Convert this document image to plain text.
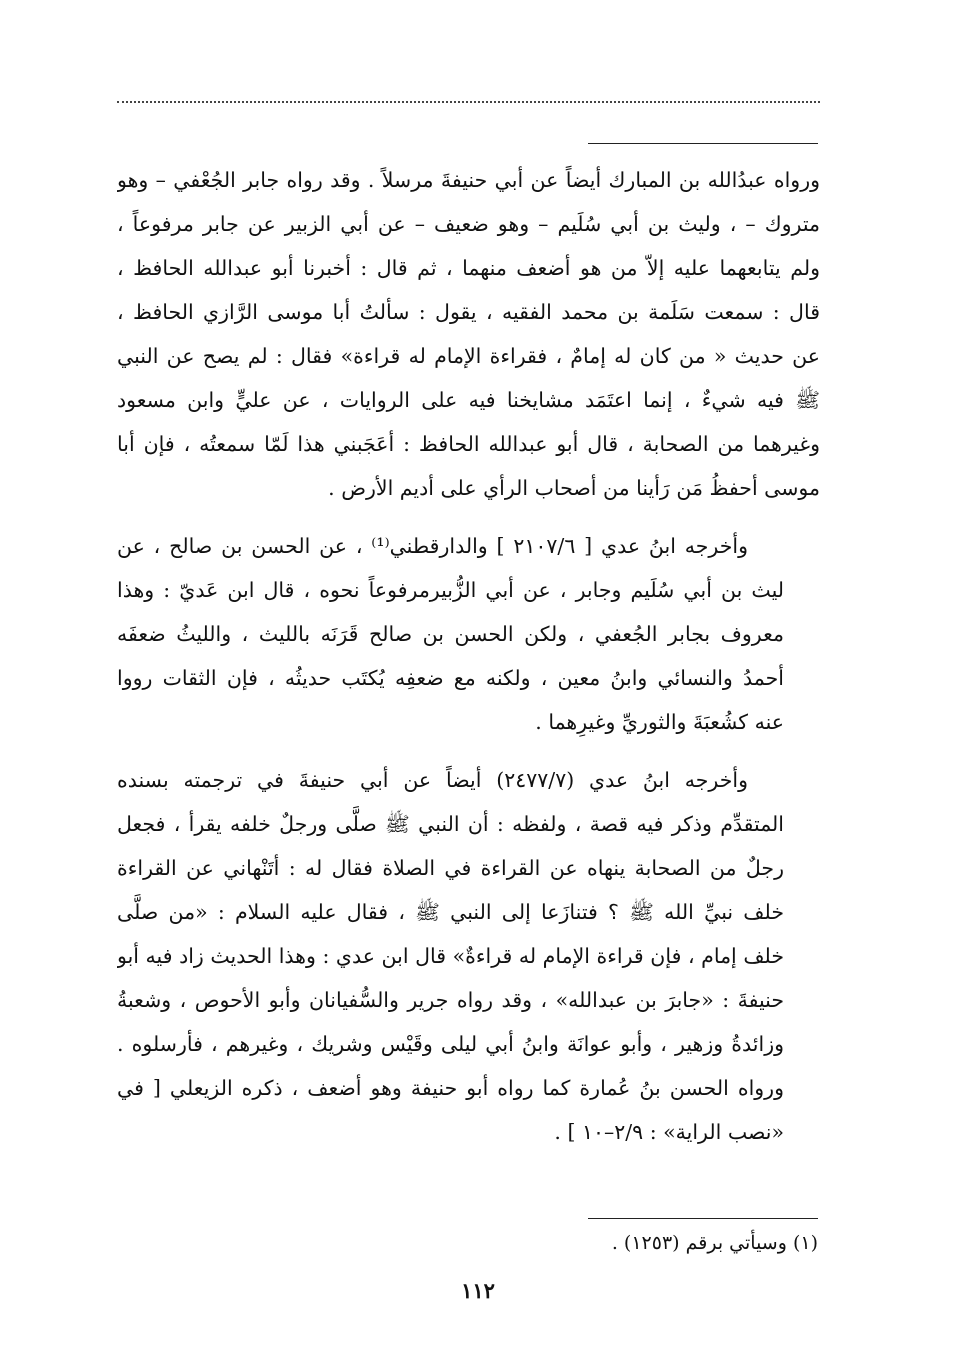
ورواه عبدُالله بن المبارك أيضاً عن أبي حنيفةَ مرسلاً . وقد رواه جابر الجُعْفي – وهو
متروك – ، وليث بن أبي سُلَيم – وهو ضعيف – عن أبي الزبير عن جابر مرفوعاً ،
ولم يتابعهما عليه إلاّ من هو أضعف منهما ، ثم قال : أخبرنا أبو عبدالله الحافظ ،
قال : سمعت سَلَمة بن محمد الفقيه ، يقول : سألتُ أبا موسى الرَّازي الحافظ ،
عن حديث « من كان له إمامٌ ، فقراءة الإمام له قراءة» فقال : لم يصح عن النبي
ﷺ فيه شيءٌ ، إنما اعتَمَد مشايخنا فيه على الروايات ، عن عليٍّ وابن مسعود
وغيرهما من الصحابة ، قال أبو عبدالله الحافظ : أعَجَبني هذا لَمّا سمعتُه ، فإن أبا
موسى أحفظُ مَن رَأينا من أصحاب الرأي على أديم الأرض .
وأخرجه ابنُ عدي [ ٢١٠٧/٦ ] والدارقطني⁽¹⁾ ، عن الحسن بن صالح ، عن
ليث بن أبي سُلَيم وجابر ، عن أبي الزُّبيرمرفوعاً نحوه ، قال ابن عَديّ : وهذا
معروف بجابر الجُعفي ، ولكن الحسن بن صالح قَرَنَه بالليث ، والليثُ ضعفَه
أحمدُ والنسائي وابنُ معين ، ولكنه مع ضعفِه يُكتَب حديثُه ، فإن الثقات رووا
عنه كشُعبَةَ والثوريِّ وغيرِهما .
وأخرجه ابنُ عدي (٢٤٧٧/٧) أيضاً عن أبي حنيفةَ في ترجمته بسنده
المتقدِّم وذكر فيه قصة ، ولفظه : أن النبي ﷺ صلَّى ورجلٌ خلفه يقرأ ، فجعل
رجلٌ من الصحابة ينهاه عن القراءة في الصلاة فقال له : أتَنْهاني عن القراءة
خلف نبيِّ الله ﷺ ؟ فتنازَعا إلى النبي ﷺ ، فقال عليه السلام : «من صلَّى
خلف إمام ، فإن قراءة الإمام له قراءةٌ» قال ابن عدي : وهذا الحديث زاد فيه أبو
حنيفةَ : «جابرَ بن عبدالله» ، وقد رواه جرير والسُّفيانان وأبو الأحوص ، وشعبةُ
وزائدةُ وزهير ، وأبو عوانَة وابنُ أبي ليلى وقَيْس وشريك ، وغيرهم ، فأرسلوه .
ورواه الحسن بنُ عُمارة كما رواه أبو حنيفة وهو أضعف ، ذكره الزيعلي [ في
«نصب الراية» : ٢/٩–١٠ ] .
(١) وسيأتي برقم (١٢٥٣) .
١١٢
